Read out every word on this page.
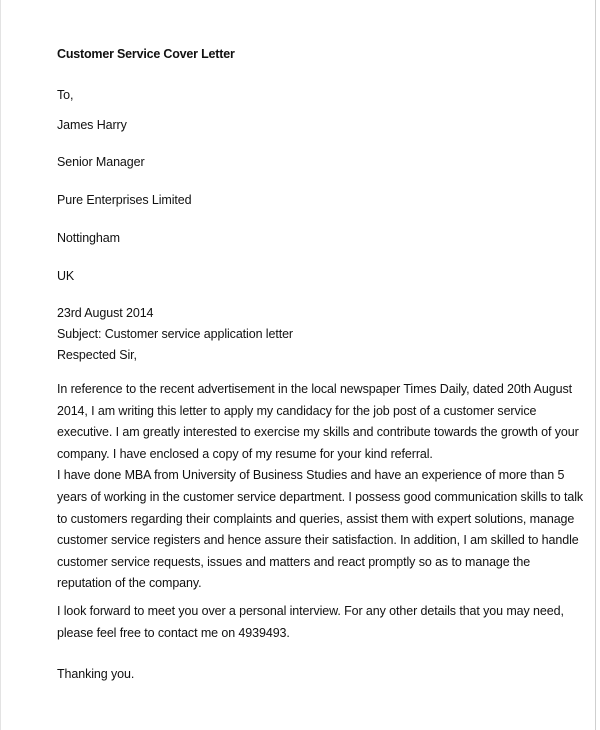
Customer Service Cover Letter
To,
James Harry
Senior Manager
Pure Enterprises Limited
Nottingham
UK
23rd August 2014
Subject: Customer service application letter
Respected Sir,
In reference to the recent advertisement in the local newspaper Times Daily, dated 20th August
2014, I am writing this letter to apply my candidacy for the job post of a customer service
executive. I am greatly interested to exercise my skills and contribute towards the growth of your
company. I have enclosed a copy of my resume for your kind referral.
I have done MBA from University of Business Studies and have an experience of more than 5
years of working in the customer service department. I possess good communication skills to talk
to customers regarding their complaints and queries, assist them with expert solutions, manage
customer service registers and hence assure their satisfaction. In addition, I am skilled to handle
customer service requests, issues and matters and react promptly so as to manage the
reputation of the company.
I look forward to meet you over a personal interview. For any other details that you may need,
please feel free to contact me on 4939493.
Thanking you.
